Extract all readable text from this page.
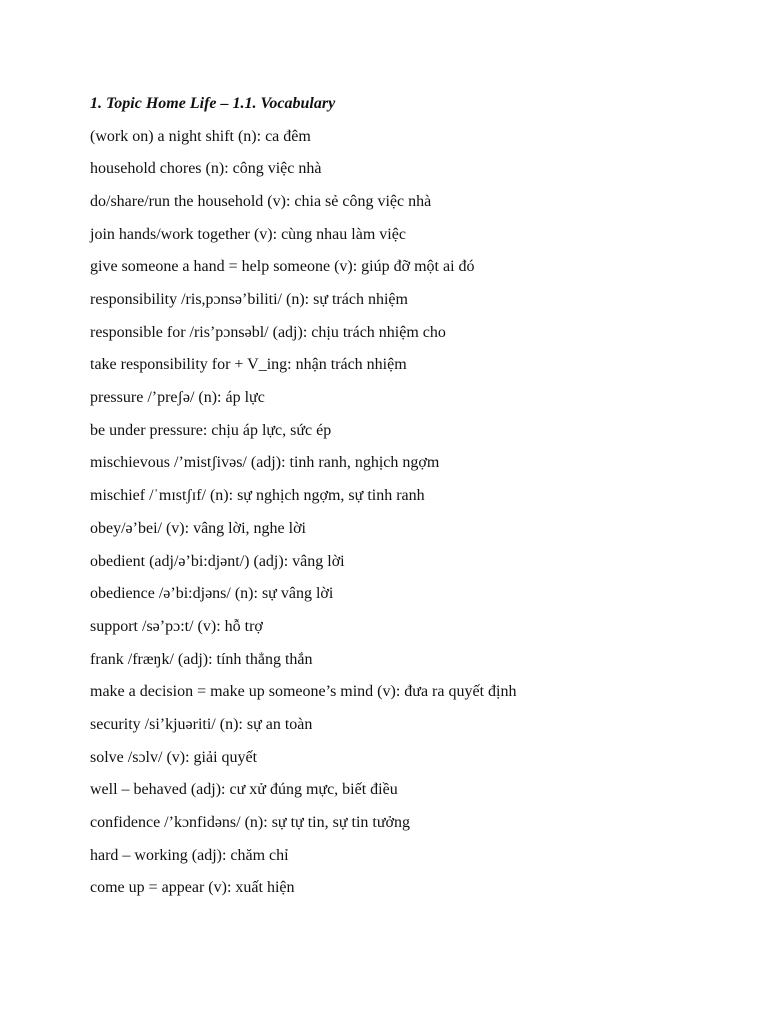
1. Topic Home Life – 1.1. Vocabulary
(work on) a night shift (n): ca đêm
household chores (n): công việc nhà
do/share/run the household (v): chia sẻ công việc nhà
join hands/work together (v): cùng nhau làm việc
give someone a hand = help someone (v): giúp đỡ một ai đó
responsibility /ris,pɔnsə’biliti/ (n): sự trách nhiệm
responsible for /ris’pɔnsəbl/ (adj): chịu trách nhiệm cho
take responsibility for + V_ing: nhận trách nhiệm
pressure /’preʃə/ (n): áp lực
be under pressure: chịu áp lực, sức ép
mischievous /’mistʃivəs/ (adj): tinh ranh, nghịch ngợm
mischief /ˈmɪstʃɪf/ (n): sự nghịch ngợm, sự tinh ranh
obey/ə’bei/ (v): vâng lời, nghe lời
obedient (adj/ə’bi:djənt/) (adj): vâng lời
obedience /ə’bi:djəns/ (n): sự vâng lời
support /sə’pɔ:t/ (v): hỗ trợ
frank /fræŋk/ (adj): tính thẳng thắn
make a decision = make up someone’s mind (v): đưa ra quyết định
security /si’kjuəriti/ (n): sự an toàn
solve /sɔlv/ (v): giải quyết
well – behaved (adj): cư xử đúng mực, biết điều
confidence /’kɔnfidəns/ (n): sự tự tin, sự tin tưởng
hard – working (adj): chăm chỉ
come up = appear (v): xuất hiện
